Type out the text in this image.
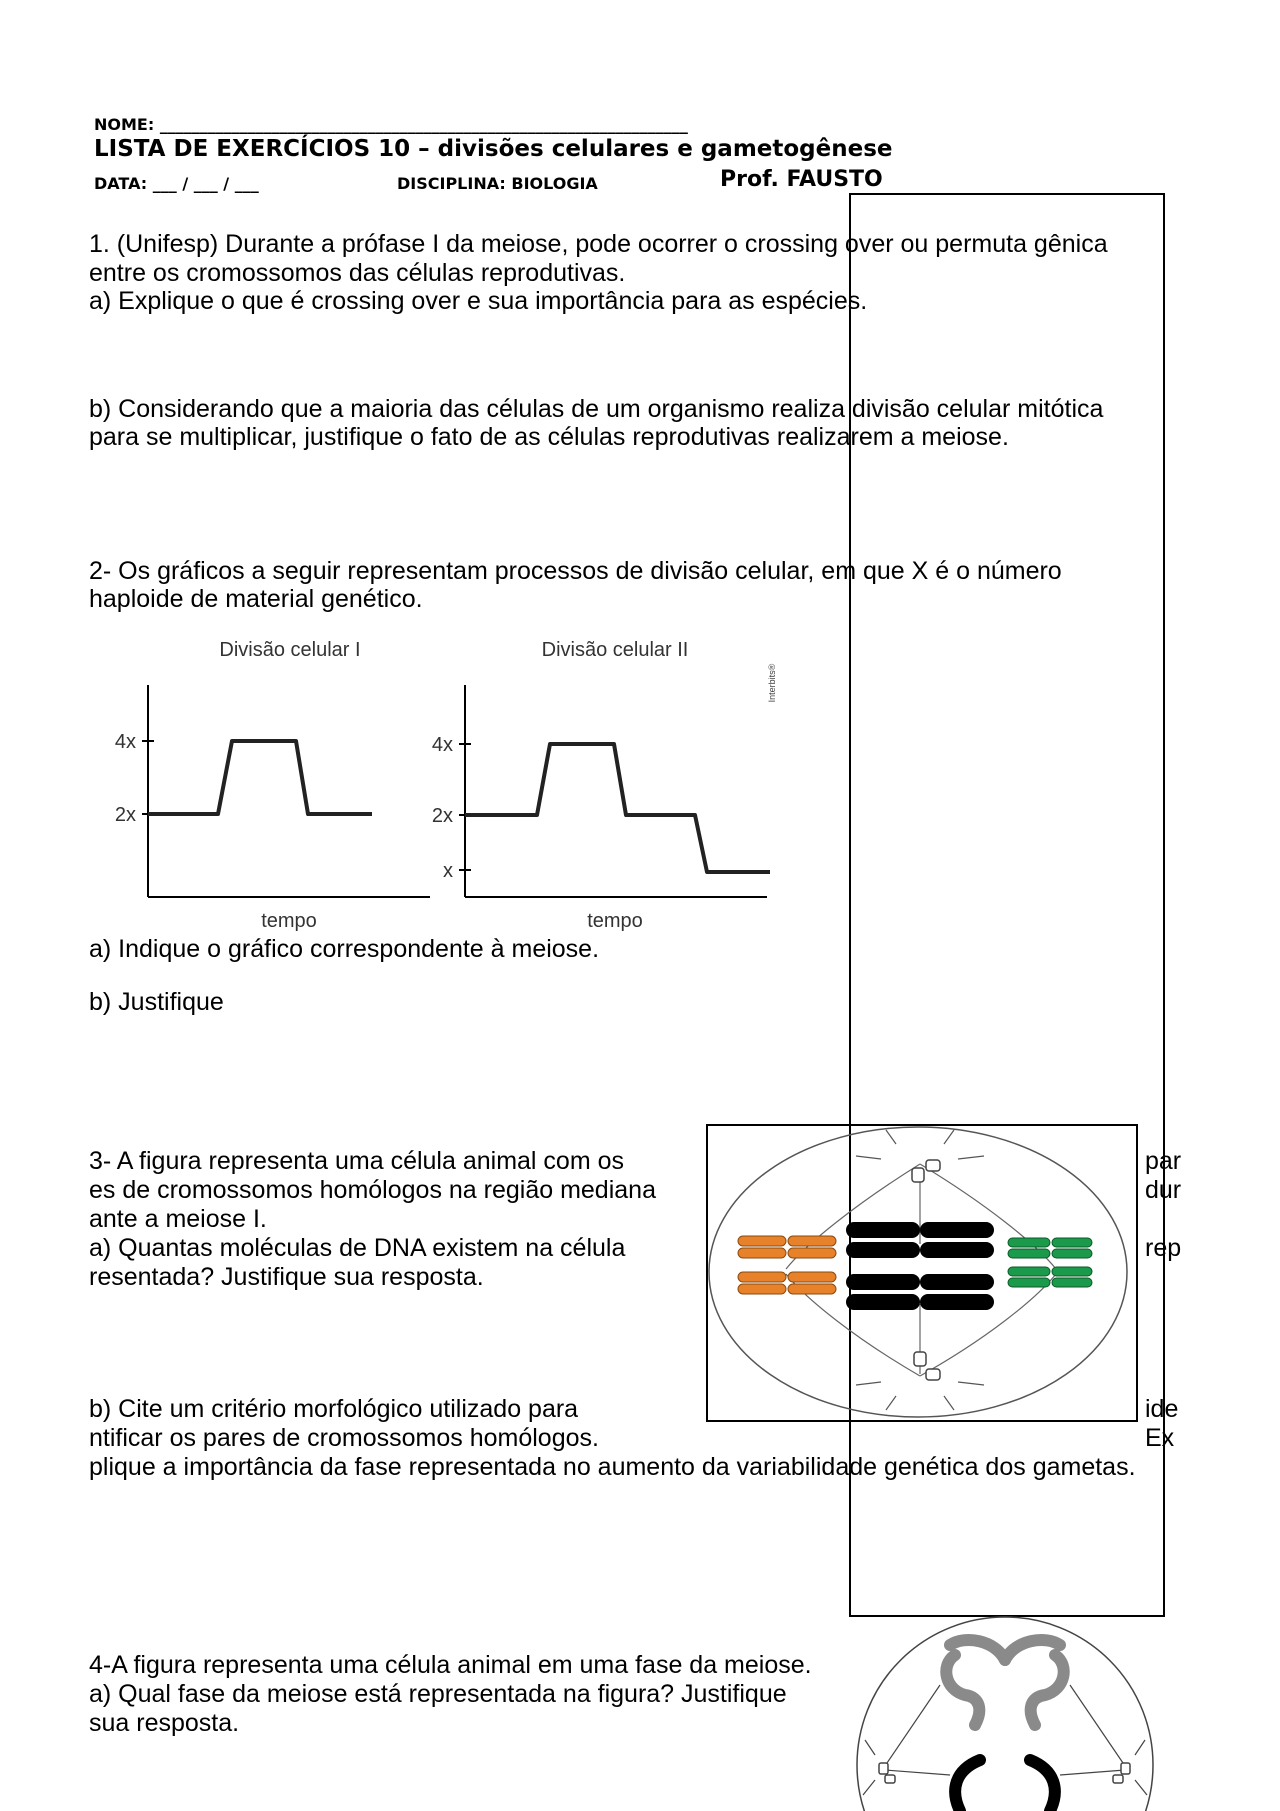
NOME: __________________________________________________________________
LISTA DE EXERCÍCIOS 10 – divisões celulares e gametogênese
DATA: ___ / ___ / ___	DISCIPLINA: BIOLOGIA	Prof. FAUSTO
1. (Unifesp) Durante a prófase I da meiose, pode ocorrer o crossing over ou permuta gênica
entre os cromossomos das células reprodutivas.
a) Explique o que é crossing over e sua importância para as espécies.
b) Considerando que a maioria das células de um organismo realiza divisão celular mitótica
para se multiplicar, justifique o fato de as células reprodutivas realizarem a meiose.
2- Os gráficos a seguir representam processos de divisão celular, em que X é o número
haploide de material genético.
Divisão celular I
4x
2x
tempo
Divisão celular II
4x
2x
x
tempo
Interbits®
a) Indique o gráfico correspondente à meiose.
b) Justifique
3- A figura representa uma célula animal com os	par
es de cromossomos homólogos na região mediana	dur
ante a meiose I.
a) Quantas moléculas de DNA existem na célula	rep
resentada? Justifique sua resposta.
b) Cite um critério morfológico utilizado para	ide
ntificar os pares de cromossomos homólogos.	Ex
plique a importância da fase representada no aumento da variabilidade genética dos gametas.
4-A figura representa uma célula animal em uma fase da meiose.
a) Qual fase da meiose está representada na figura? Justifique
sua resposta.
